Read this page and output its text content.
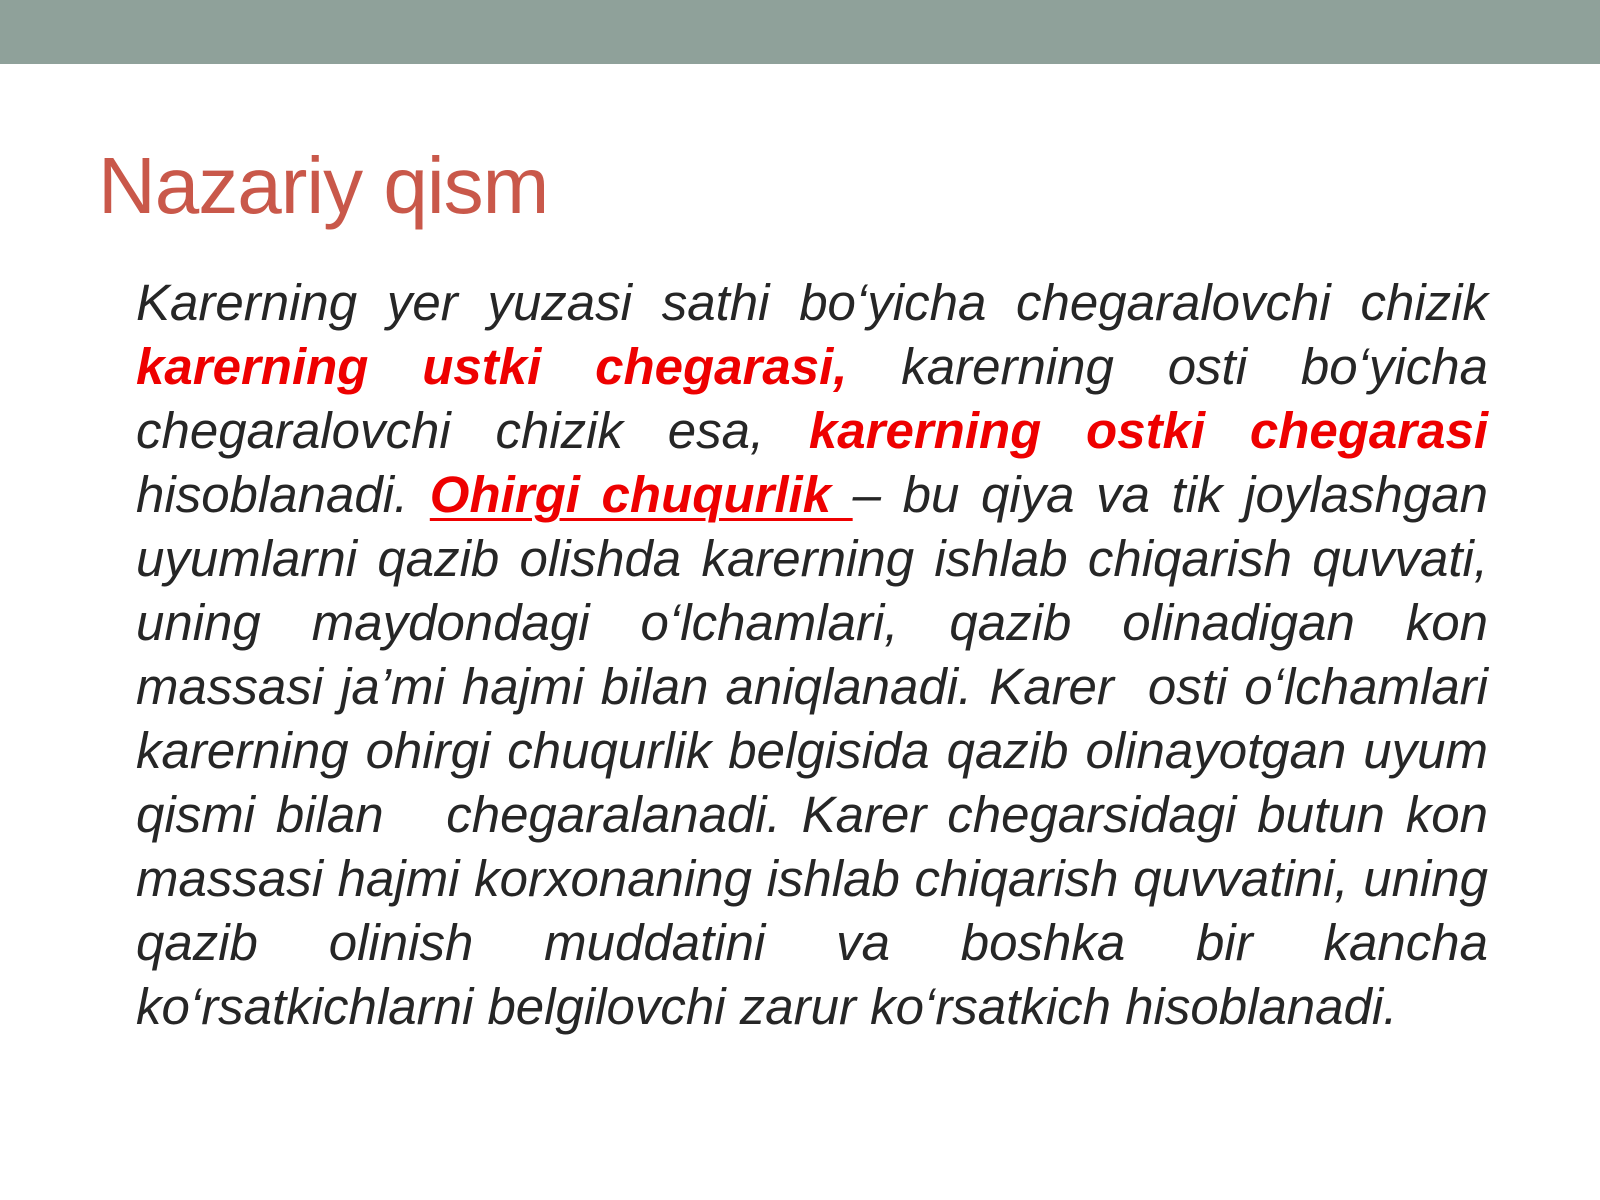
Nazariy qism

Karerning yer yuzasi sathi bo‘yicha chegaralovchi chizik karerning ustki chegarasi, karerning osti bo‘yicha chegaralovchi chizik esa, karerning ostki chegarasi hisoblanadi. Ohirgi chuqurlik – bu qiya va tik joylashgan uyumlarni qazib olishda karerning ishlab chiqarish quvvati, uning maydondagi o‘lchamlari, qazib olinadigan kon massasi ja’mi hajmi bilan aniqlanadi. Karer  osti o‘lchamlari karerning ohirgi chuqurlik belgisida qazib olinayotgan uyum qismi bilan   chegaralanadi. Karer chegarsidagi butun kon massasi hajmi korxonaning ishlab chiqarish quvvatini, uning qazib olinish muddatini va boshka bir kancha ko‘rsatkichlarni belgilovchi zarur ko‘rsatkich hisoblanadi.
